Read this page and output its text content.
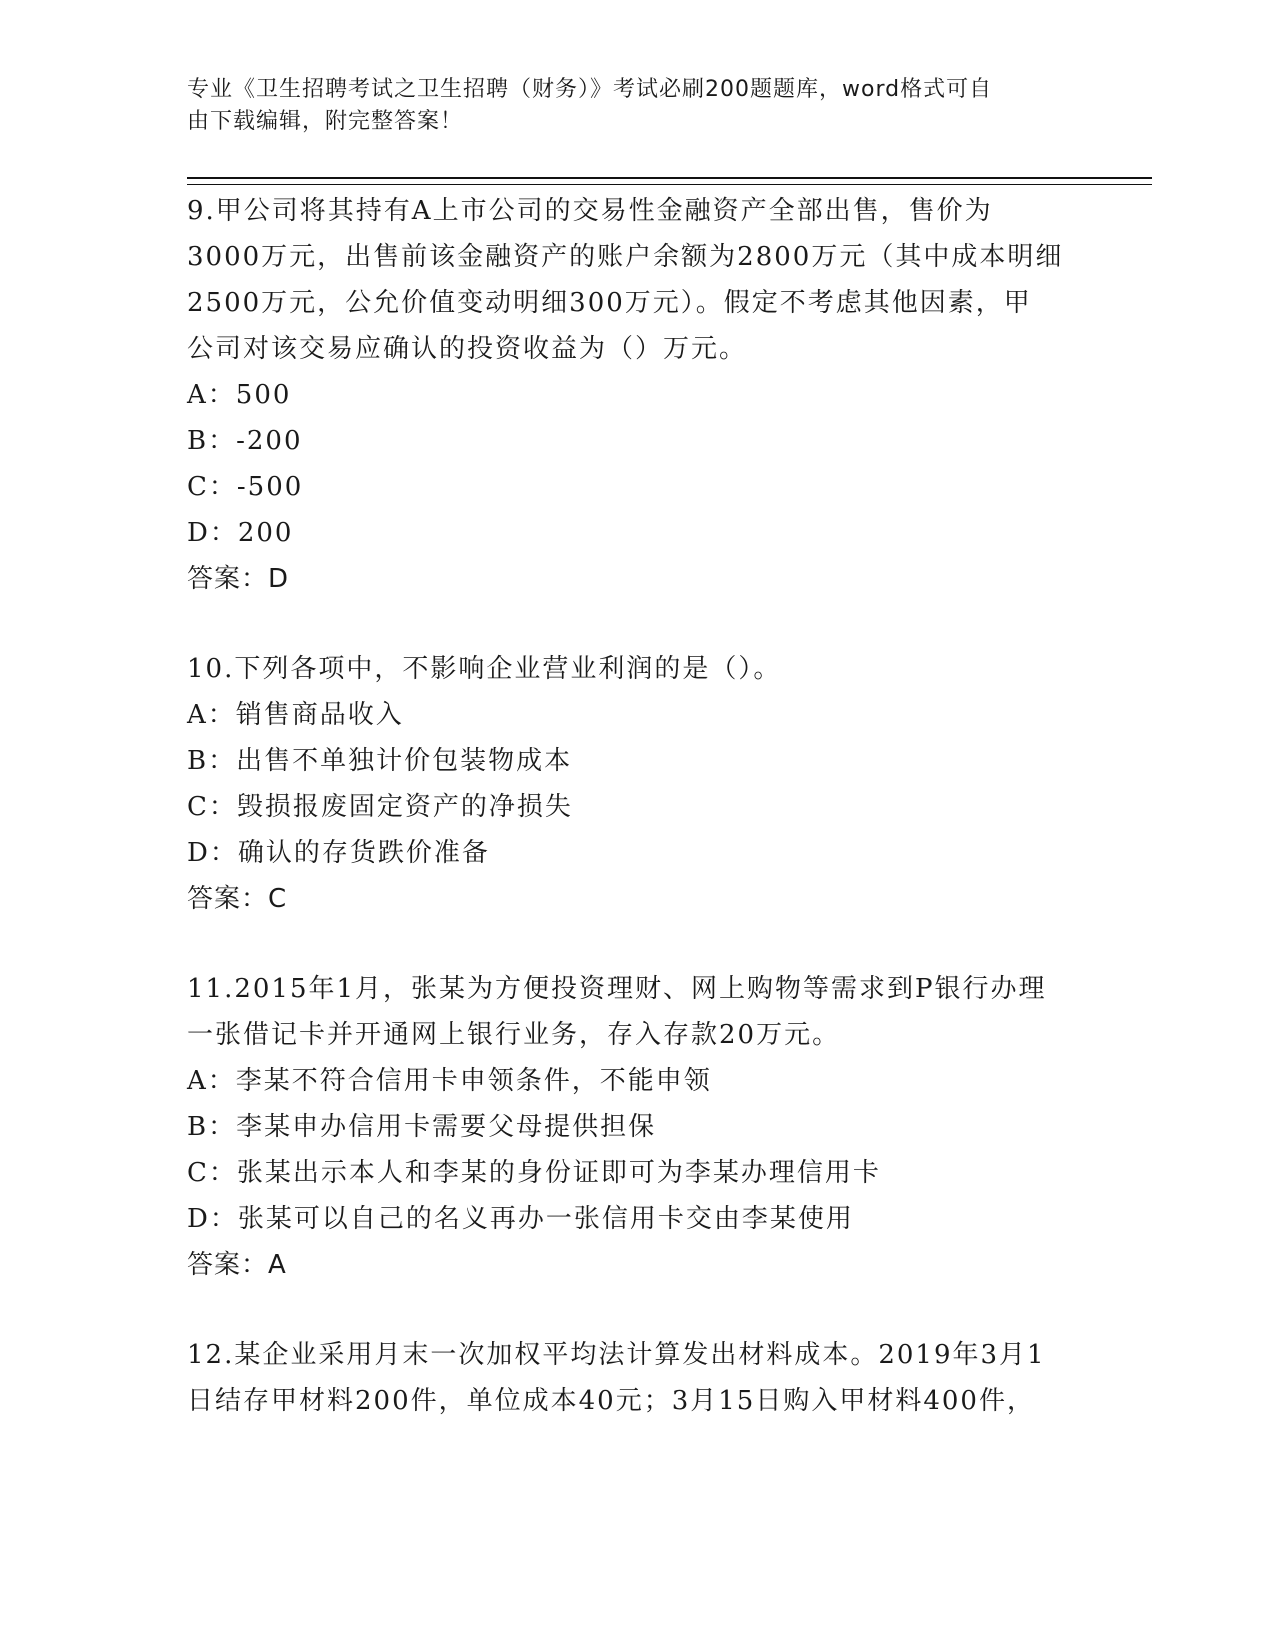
专业《卫生招聘考试之卫生招聘（财务）》考试必刷200题题库，word格式可自
由下载编辑，附完整答案！

9.甲公司将其持有A上市公司的交易性金融资产全部出售，售价为
3000万元，出售前该金融资产的账户余额为2800万元（其中成本明细
2500万元，公允价值变动明细300万元）。假定不考虑其他因素，甲
公司对该交易应确认的投资收益为（）万元。

A：500

B：-200

C：-500

D：200

答案：D

10.下列各项中，不影响企业营业利润的是（）。

A：销售商品收入

B：出售不单独计价包装物成本

C：毁损报废固定资产的净损失

D：确认的存货跌价准备

答案：C

11.2015年1月，张某为方便投资理财、网上购物等需求到P银行办理
一张借记卡并开通网上银行业务，存入存款20万元。

A：李某不符合信用卡申领条件，不能申领

B：李某申办信用卡需要父母提供担保

C：张某出示本人和李某的身份证即可为李某办理信用卡

D：张某可以自己的名义再办一张信用卡交由李某使用

答案：A

12.某企业采用月末一次加权平均法计算发出材料成本。2019年3月1
日结存甲材料200件，单位成本40元；3月15日购入甲材料400件，
